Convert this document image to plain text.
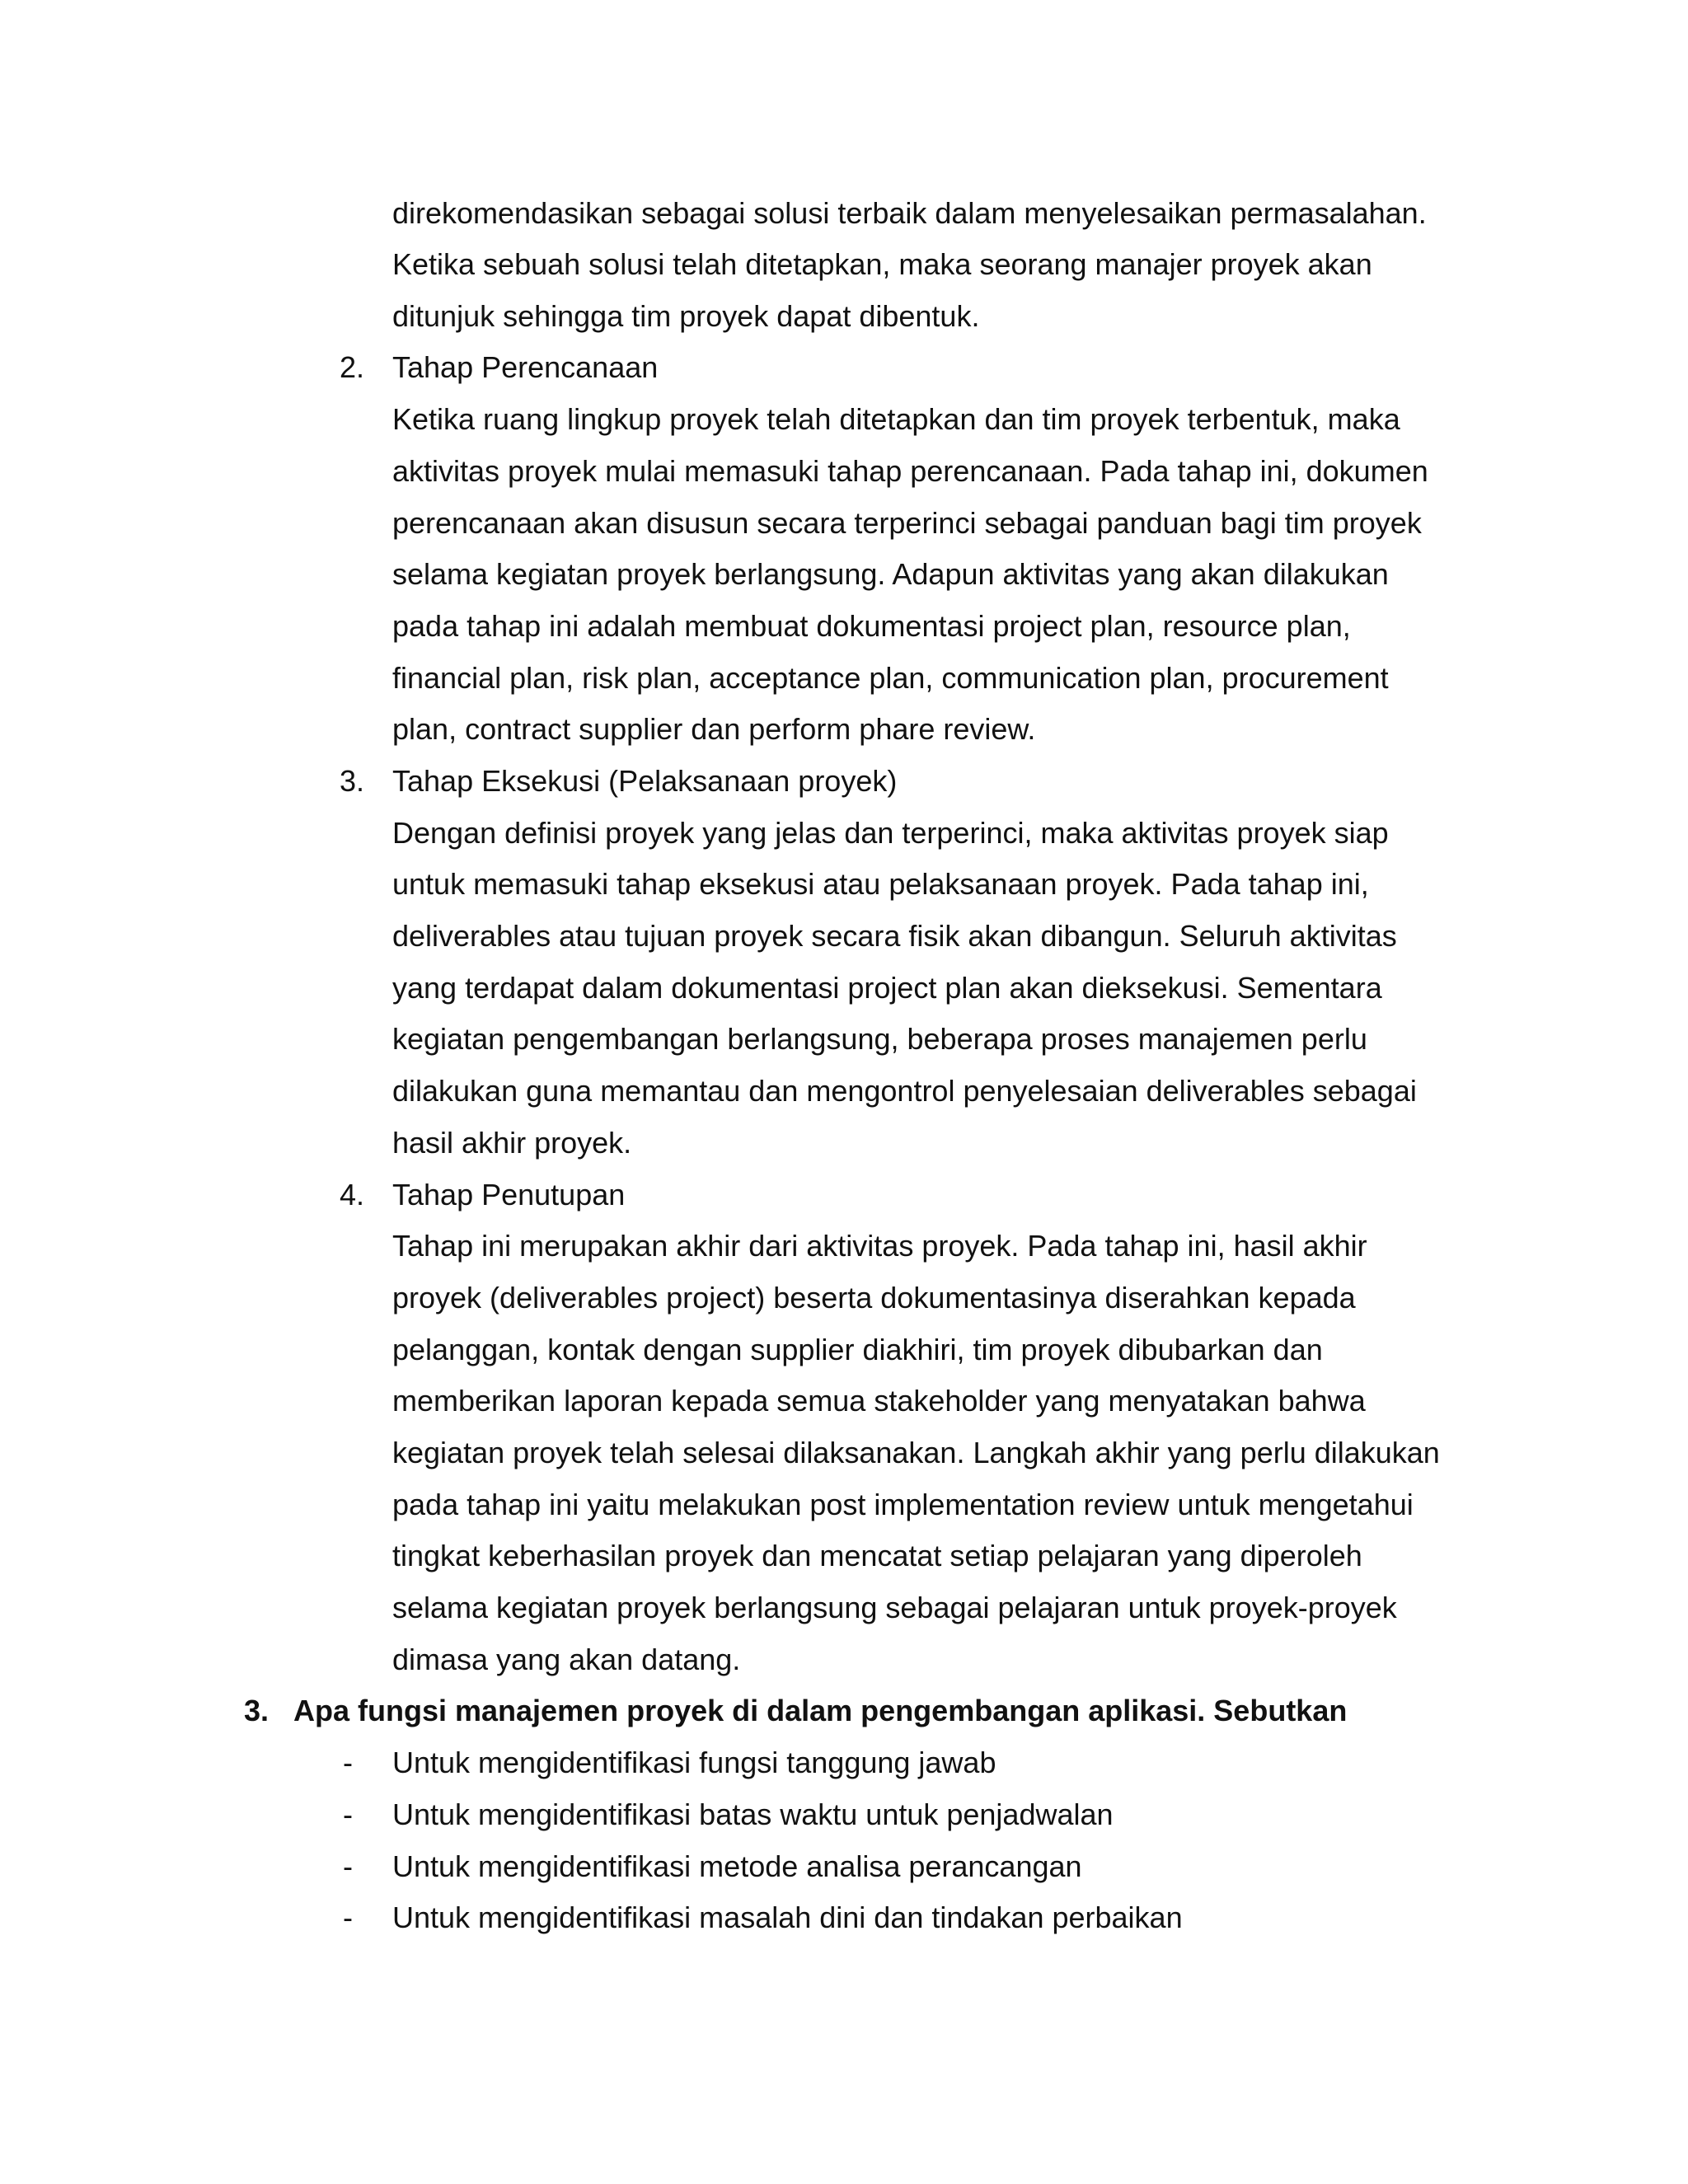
direkomendasikan sebagai solusi terbaik dalam menyelesaikan permasalahan.
Ketika sebuah solusi telah ditetapkan, maka seorang manajer proyek akan
ditunjuk sehingga tim proyek dapat dibentuk.
2. Tahap Perencanaan
Ketika ruang lingkup proyek telah ditetapkan dan tim proyek terbentuk, maka
aktivitas proyek mulai memasuki tahap perencanaan. Pada tahap ini, dokumen
perencanaan akan disusun secara terperinci sebagai panduan bagi tim proyek
selama kegiatan proyek berlangsung. Adapun aktivitas yang akan dilakukan
pada tahap ini adalah membuat dokumentasi project plan, resource plan,
financial plan, risk plan, acceptance plan, communication plan, procurement
plan, contract supplier dan perform phare review.
3. Tahap Eksekusi (Pelaksanaan proyek)
Dengan definisi proyek yang jelas dan terperinci, maka aktivitas proyek siap
untuk memasuki tahap eksekusi atau pelaksanaan proyek. Pada tahap ini,
deliverables atau tujuan proyek secara fisik akan dibangun. Seluruh aktivitas
yang terdapat dalam dokumentasi project plan akan dieksekusi. Sementara
kegiatan pengembangan berlangsung, beberapa proses manajemen perlu
dilakukan guna memantau dan mengontrol penyelesaian deliverables sebagai
hasil akhir proyek.
4. Tahap Penutupan
Tahap ini merupakan akhir dari aktivitas proyek. Pada tahap ini, hasil akhir
proyek (deliverables project) beserta dokumentasinya diserahkan kepada
pelanggan, kontak dengan supplier diakhiri, tim proyek dibubarkan dan
memberikan laporan kepada semua stakeholder yang menyatakan bahwa
kegiatan proyek telah selesai dilaksanakan. Langkah akhir yang perlu dilakukan
pada tahap ini yaitu melakukan post implementation review untuk mengetahui
tingkat keberhasilan proyek dan mencatat setiap pelajaran yang diperoleh
selama kegiatan proyek berlangsung sebagai pelajaran untuk proyek-proyek
dimasa yang akan datang.
3. Apa fungsi manajemen proyek di dalam pengembangan aplikasi. Sebutkan
- Untuk mengidentifikasi fungsi tanggung jawab
- Untuk mengidentifikasi batas waktu untuk penjadwalan
- Untuk mengidentifikasi metode analisa perancangan
- Untuk mengidentifikasi masalah dini dan tindakan perbaikan
